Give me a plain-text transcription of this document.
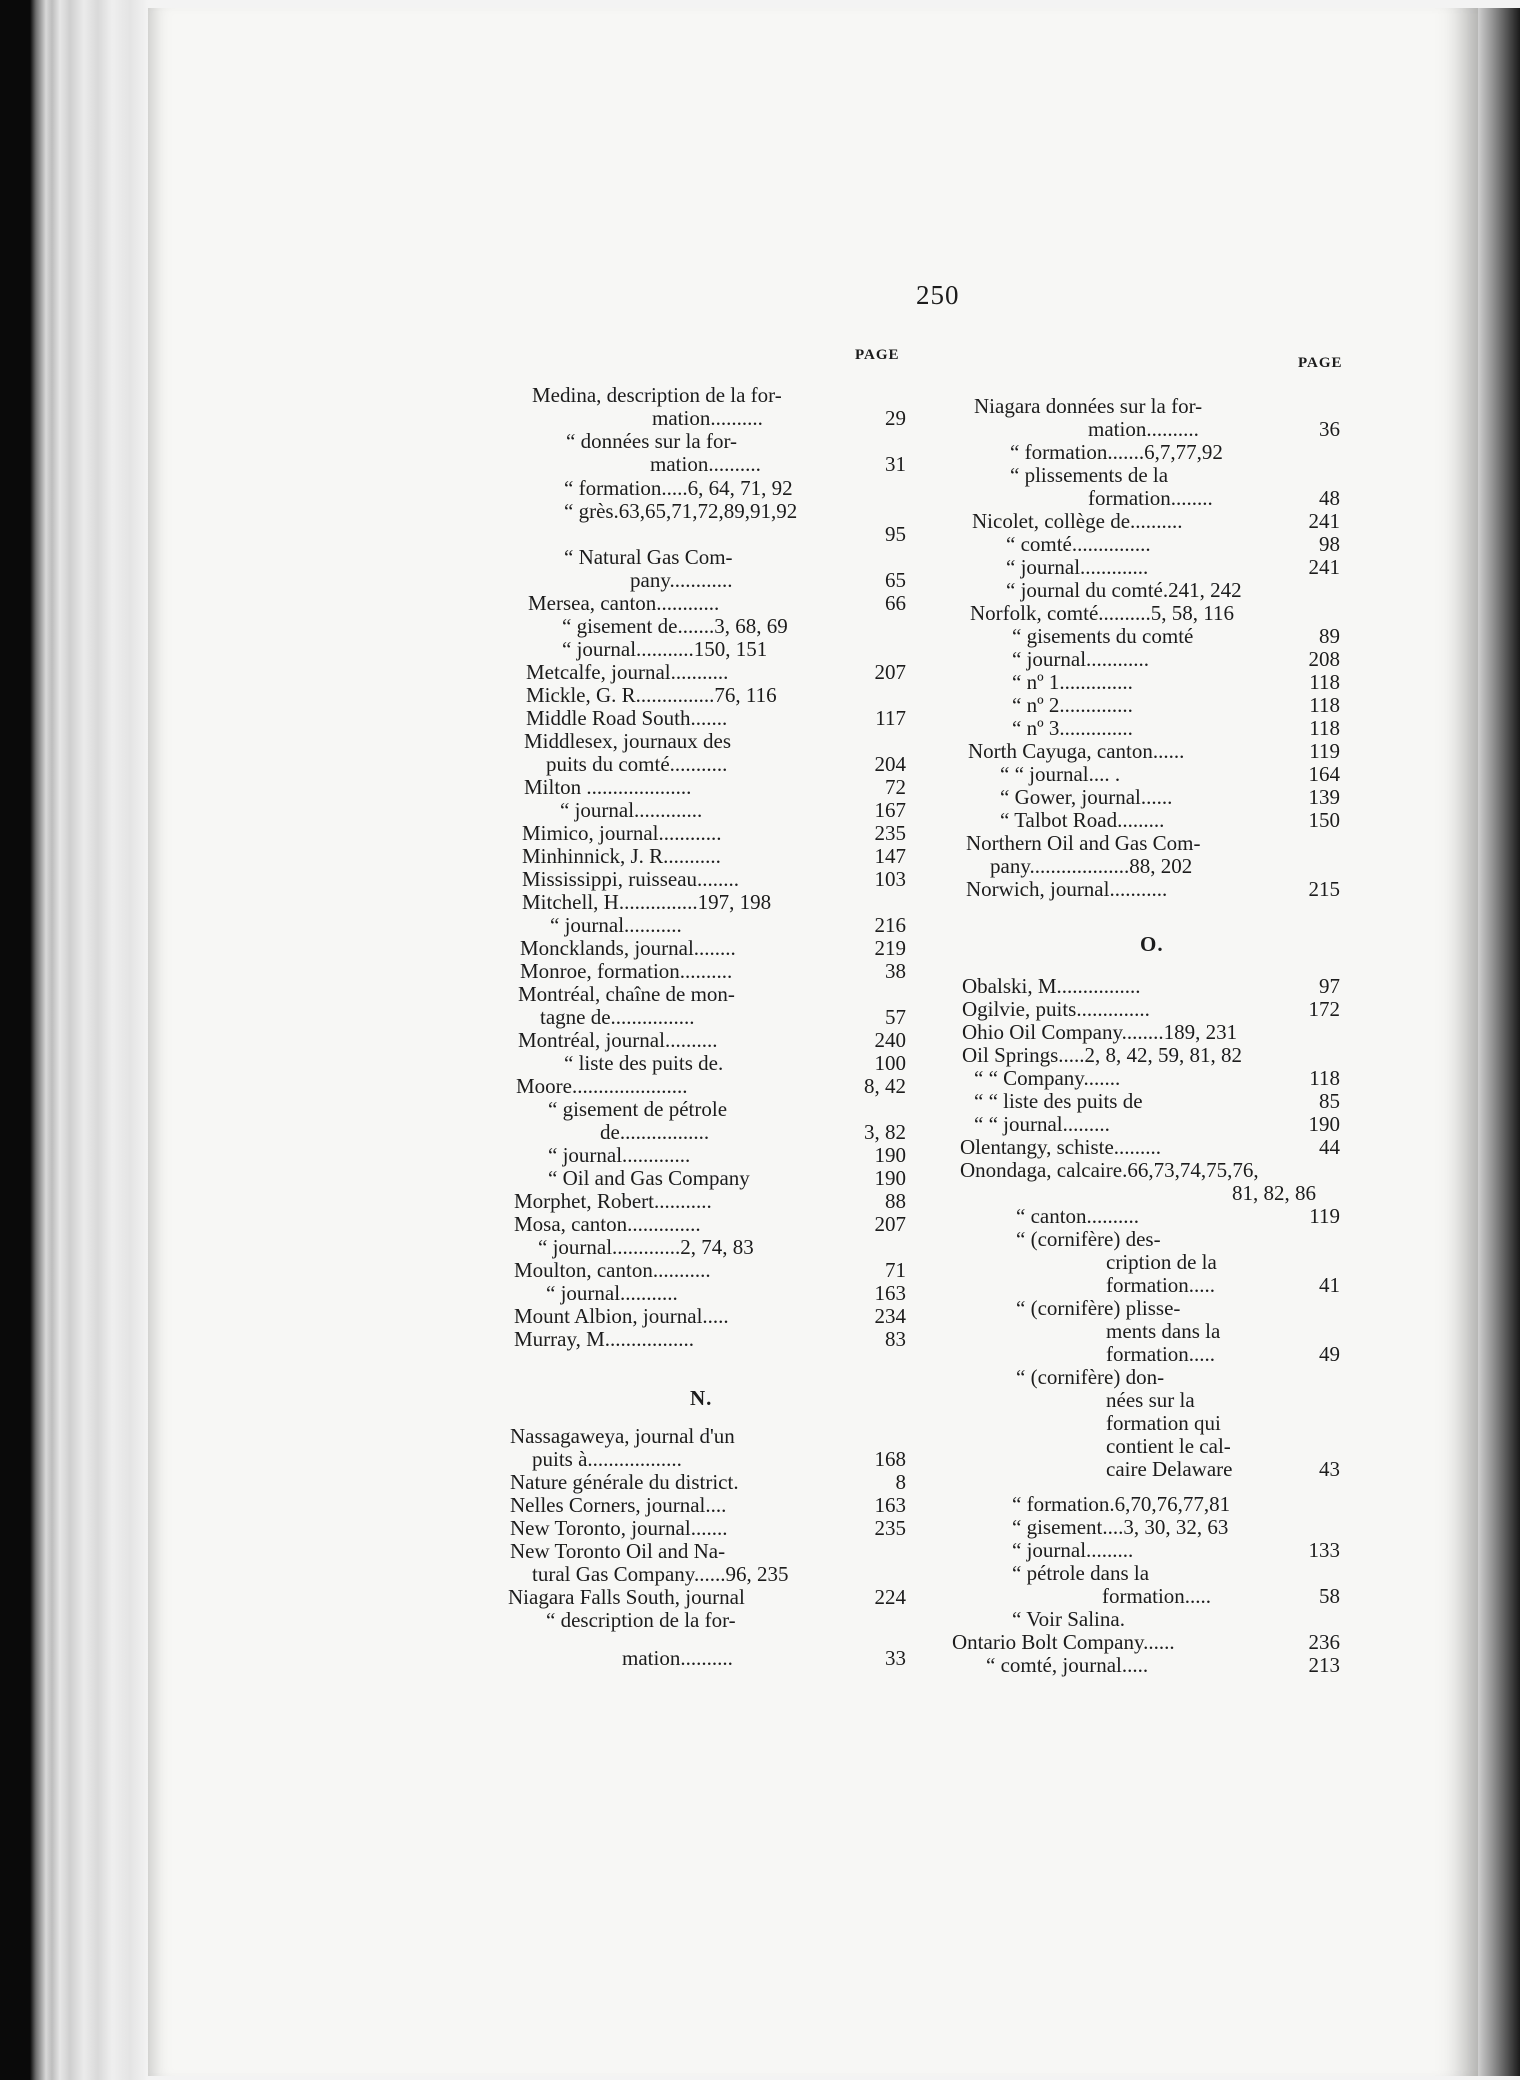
250
PAGE	PAGE
Medina, description de la for-
mation..........	29
“ données sur la for-
mation..........	31
“ formation.....6, 64, 71, 92
“ grès.63,65,71,72,89,91,92
95
“ Natural Gas Com-
pany............	65
Mersea, canton............	66
“ gisement de.......3, 68, 69
“ journal...........150, 151
Metcalfe, journal...........	207
Mickle, G. R...............76, 116
Middle Road South.......	117
Middlesex, journaux des
puits du comté...........	204
Milton ....................	72
“ journal.............	167
Mimico, journal............	235
Minhinnick, J. R...........	147
Mississippi, ruisseau........	103
Mitchell, H...............197, 198
“ journal...........	216
Moncklands, journal........	219
Monroe, formation..........	38
Montréal, chaîne de mon-
tagne de................	57
Montréal, journal..........	240
“ liste des puits de.	100
Moore......................	8, 42
“ gisement de pétrole
de.................	3, 82
“ journal.............	190
“ Oil and Gas Company	190
Morphet, Robert...........	88
Mosa, canton..............	207
“ journal.............2, 74, 83
Moulton, canton...........	71
“ journal...........	163
Mount Albion, journal.....	234
Murray, M.................	83
Nassagaweya, journal d'un
puits à..................	168
Nature générale du district.	8
Nelles Corners, journal....	163
New Toronto, journal.......	235
New Toronto Oil and Na-
tural Gas Company......96, 235
Niagara Falls South, journal	224
“ description de la for-
mation..........	33
Niagara données sur la for-
mation..........	36
“ formation.......6,7,77,92
“ plissements de la
formation........	48
Nicolet, collège de..........	241
“ comté...............	98
“ journal.............	241
“ journal du comté.241, 242
Norfolk, comté..........5, 58, 116
“ gisements du comté	89
“ journal............	208
“ nº 1..............	118
“ nº 2..............	118
“ nº 3..............	118
North Cayuga, canton......	119
“ “ journal.... .	164
“ Gower, journal......	139
“ Talbot Road.........	150
Northern Oil and Gas Com-
pany...................88, 202
Norwich, journal...........	215
Obalski, M................	97
Ogilvie, puits..............	172
Ohio Oil Company........189, 231
Oil Springs.....2, 8, 42, 59, 81, 82
“ “ Company.......	118
“ “ liste des puits de	85
“ “ journal.........	190
Olentangy, schiste.........	44
Onondaga, calcaire.66,73,74,75,76,
81, 82, 86
“ canton..........	119
“ (cornifère) des-
cription de la
formation.....	41
“ (cornifère) plisse-
ments dans la
formation.....	49
“ (cornifère) don-
nées sur la
formation qui
contient le cal-
caire Delaware	43
“ formation.6,70,76,77,81
“ gisement....3, 30, 32, 63
“ journal.........	133
“ pétrole dans la
formation.....	58
“ Voir Salina.
Ontario Bolt Company......	236
“ comté, journal.....	213
N.
O.
